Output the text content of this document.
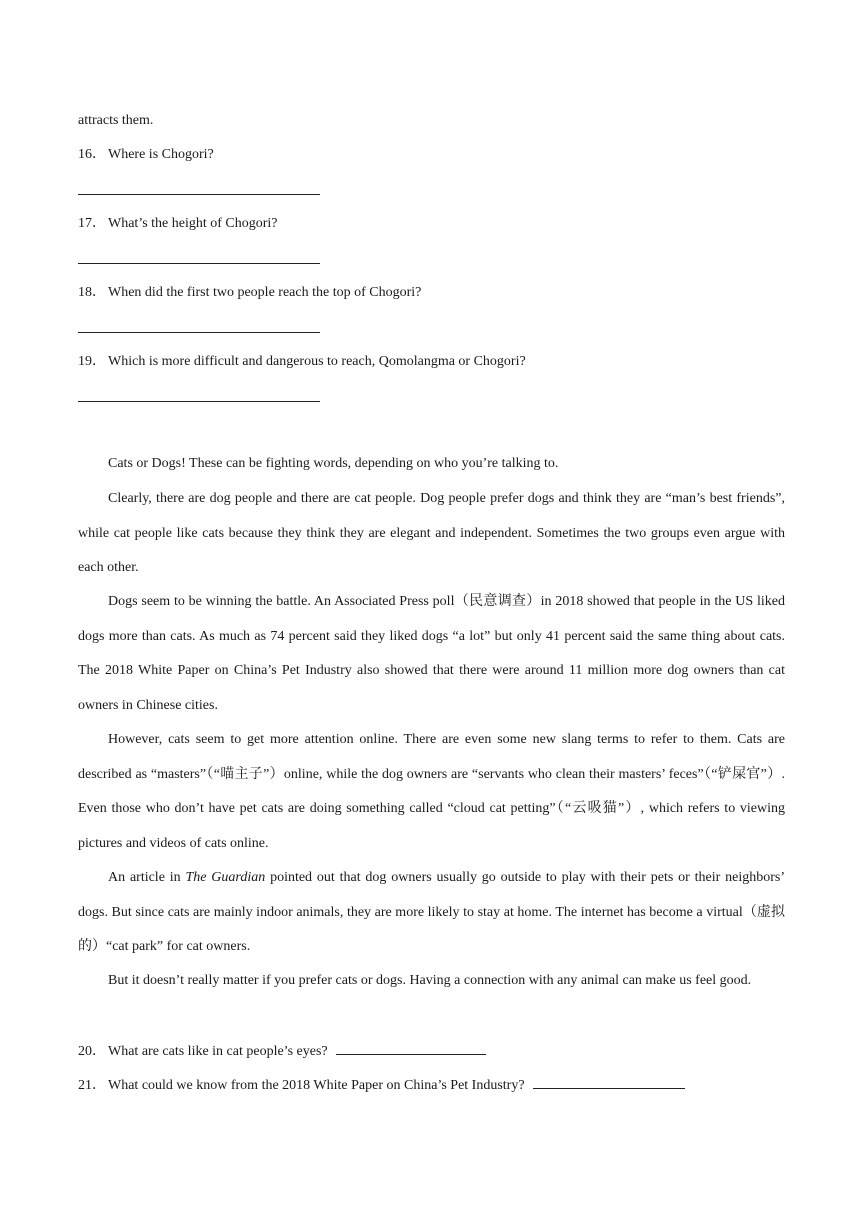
attracts them.
16． Where is Chogori?
17． What’s the height of Chogori?
18． When did the first two people reach the top of Chogori?
19． Which is more difficult and dangerous to reach, Qomolangma or Chogori?

Cats or Dogs! These can be fighting words, depending on who you’re talking to.

Clearly, there are dog people and there are cat people. Dog people prefer dogs and think they are “man’s best friends”, while cat people like cats because they think they are elegant and independent. Sometimes the two groups even argue with each other.

Dogs seem to be winning the battle. An Associated Press poll（民意调查）in 2018 showed that people in the US liked dogs more than cats. As much as 74 percent said they liked dogs “a lot” but only 41 percent said the same thing about cats. The 2018 White Paper on China’s Pet Industry also showed that there were around 11 million more dog owners than cat owners in Chinese cities.

However, cats seem to get more attention online. There are even some new slang terms to refer to them. Cats are described as “masters”（“喵主子”）online, while the dog owners are “servants who clean their masters’ feces”（“铲屎官”）. Even those who don’t have pet cats are doing something called “cloud cat petting”（“云吸猫”）, which refers to viewing pictures and videos of cats online.

An article in The Guardian pointed out that dog owners usually go outside to play with their pets or their neighbors’ dogs. But since cats are mainly indoor animals, they are more likely to stay at home. The internet has become a virtual（虚拟的）“cat park” for cat owners.

But it doesn’t really matter if you prefer cats or dogs. Having a connection with any animal can make us feel good.

20． What are cats like in cat people’s eyes?
21． What could we know from the 2018 White Paper on China’s Pet Industry?
